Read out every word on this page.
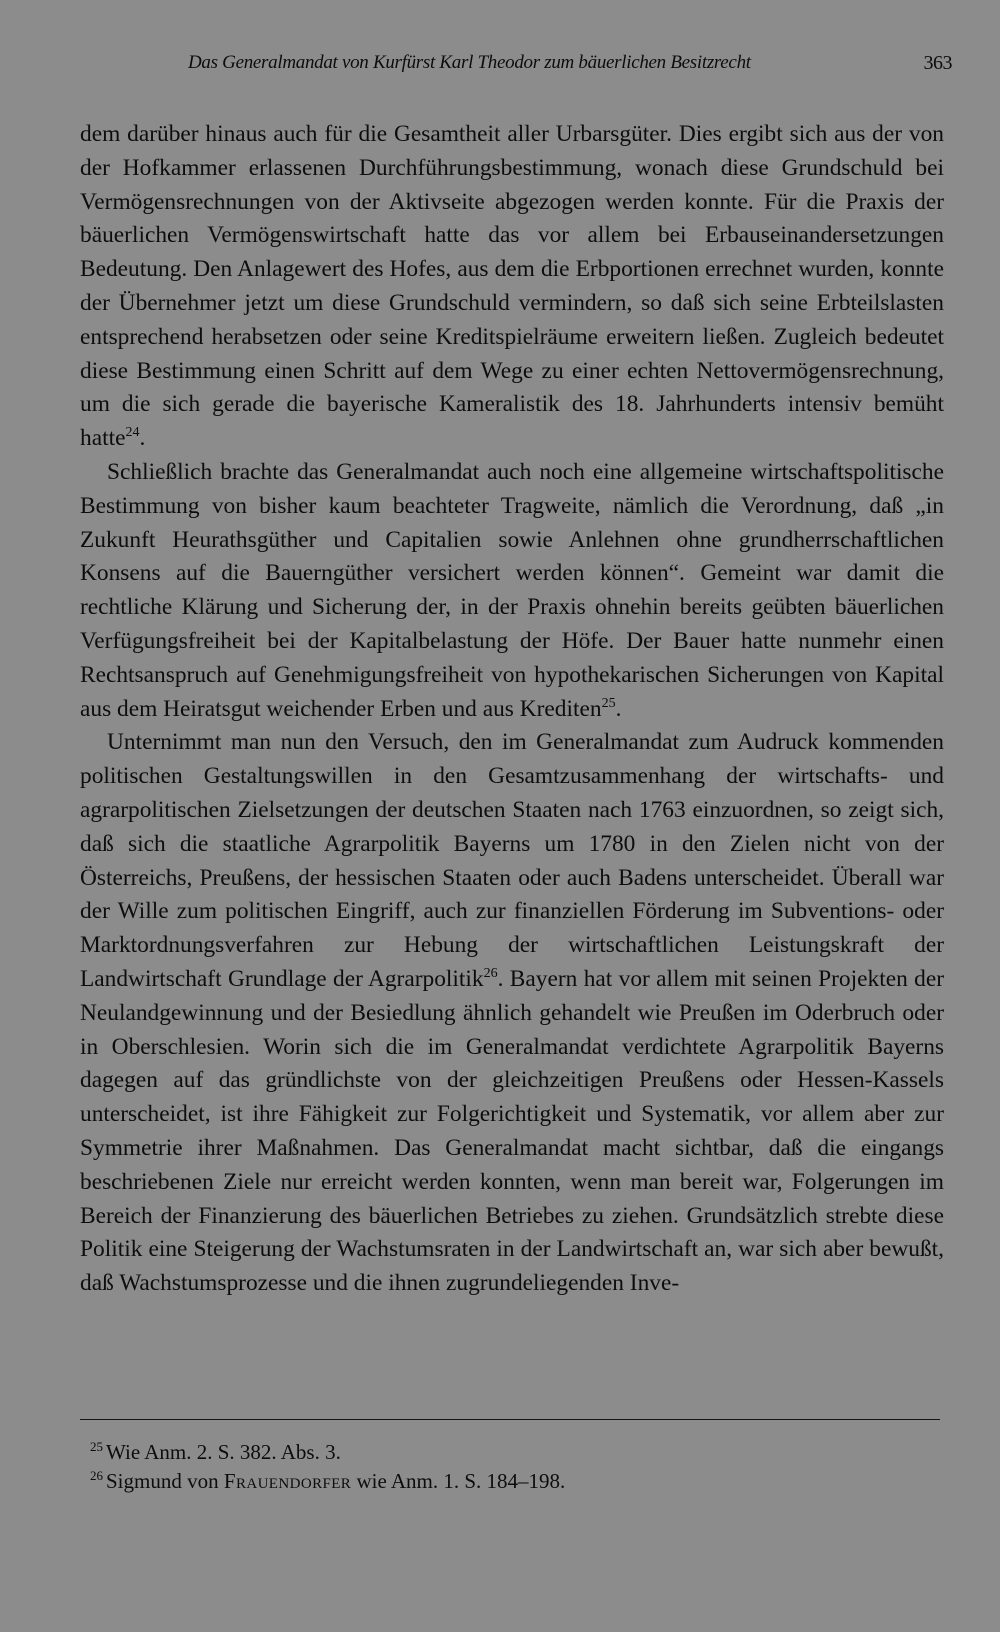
Das Generalmandat von Kurfürst Karl Theodor zum bäuerlichen Besitzrecht	363

dem darüber hinaus auch für die Gesamtheit aller Urbarsgüter. Dies ergibt sich aus der von der Hofkammer erlassenen Durchführungsbestimmung, wonach diese Grundschuld bei Vermögensrechnungen von der Aktivseite abgezogen werden konnte. Für die Praxis der bäuerlichen Vermögenswirtschaft hatte das vor allem bei Erbauseinandersetzungen Bedeutung. Den Anlagewert des Hofes, aus dem die Erbportionen errechnet wurden, konnte der Übernehmer jetzt um diese Grundschuld vermindern, so daß sich seine Erbteilslasten entsprechend herabsetzen oder seine Kreditspielräume erweitern ließen. Zugleich bedeutet diese Bestimmung einen Schritt auf dem Wege zu einer echten Nettovermögensrechnung, um die sich gerade die bayerische Kameralistik des 18. Jahrhunderts intensiv bemüht hatte$^{24}$.

Schließlich brachte das Generalmandat auch noch eine allgemeine wirtschaftspolitische Bestimmung von bisher kaum beachteter Tragweite, nämlich die Verordnung, daß „in Zukunft Heurathsgüther und Capitalien sowie Anlehnen ohne grundherrschaftlichen Konsens auf die Bauerngüther versichert werden können“. Gemeint war damit die rechtliche Klärung und Sicherung der, in der Praxis ohnehin bereits geübten bäuerlichen Verfügungsfreiheit bei der Kapitalbelastung der Höfe. Der Bauer hatte nunmehr einen Rechtsanspruch auf Genehmigungsfreiheit von hypothekarischen Sicherungen von Kapital aus dem Heiratsgut weichender Erben und aus Krediten$^{25}$.

Unternimmt man nun den Versuch, den im Generalmandat zum Audruck kommenden politischen Gestaltungswillen in den Gesamtzusammenhang der wirtschafts- und agrarpolitischen Zielsetzungen der deutschen Staaten nach 1763 einzuordnen, so zeigt sich, daß sich die staatliche Agrarpolitik Bayerns um 1780 in den Zielen nicht von der Österreichs, Preußens, der hessischen Staaten oder auch Badens unterscheidet. Überall war der Wille zum politischen Eingriff, auch zur finanziellen Förderung im Subventions- oder Marktordnungsverfahren zur Hebung der wirtschaftlichen Leistungskraft der Landwirtschaft Grundlage der Agrarpolitik$^{26}$. Bayern hat vor allem mit seinen Projekten der Neulandgewinnung und der Besiedlung ähnlich gehandelt wie Preußen im Oderbruch oder in Oberschlesien. Worin sich die im Generalmandat verdichtete Agrarpolitik Bayerns dagegen auf das gründlichste von der gleichzeitigen Preußens oder Hessen-Kassels unterscheidet, ist ihre Fähigkeit zur Folgerichtigkeit und Systematik, vor allem aber zur Symmetrie ihrer Maßnahmen. Das Generalmandat macht sichtbar, daß die eingangs beschriebenen Ziele nur erreicht werden konnten, wenn man bereit war, Folgerungen im Bereich der Finanzierung des bäuerlichen Betriebes zu ziehen. Grundsätzlich strebte diese Politik eine Steigerung der Wachstumsraten in der Landwirtschaft an, war sich aber bewußt, daß Wachstumsprozesse und die ihnen zugrundeliegenden Inve-

$^{25}$ Wie Anm. 2. S. 382. Abs. 3.

$^{26}$ Sigmund von Frauendorfer wie Anm. 1. S. 184–198.
